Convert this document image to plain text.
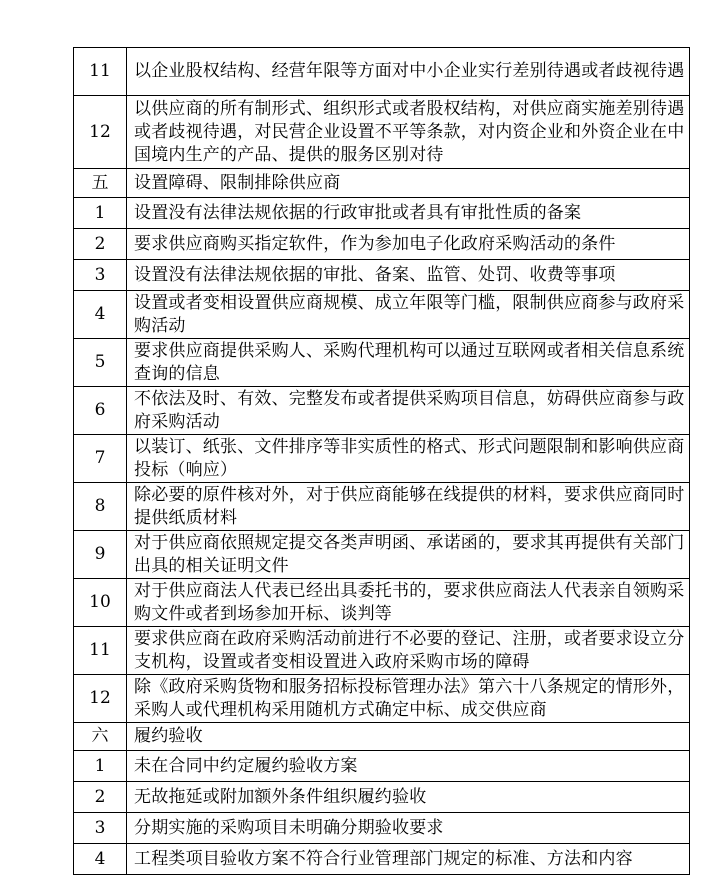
11	以企业股权结构、经营年限等方面对中小企业实行差别待遇或者歧视待遇
12	以供应商的所有制形式、组织形式或者股权结构，对供应商实施差别待遇或者歧视待遇，对民营企业设置不平等条款，对内资企业和外资企业在中国境内生产的产品、提供的服务区别对待
五	设置障碍、限制排除供应商
1	设置没有法律法规依据的行政审批或者具有审批性质的备案
2	要求供应商购买指定软件，作为参加电子化政府采购活动的条件
3	设置没有法律法规依据的审批、备案、监管、处罚、收费等事项
4	设置或者变相设置供应商规模、成立年限等门槛，限制供应商参与政府采购活动
5	要求供应商提供采购人、采购代理机构可以通过互联网或者相关信息系统查询的信息
6	不依法及时、有效、完整发布或者提供采购项目信息，妨碍供应商参与政府采购活动
7	以装订、纸张、文件排序等非实质性的格式、形式问题限制和影响供应商投标（响应）
8	除必要的原件核对外，对于供应商能够在线提供的材料，要求供应商同时提供纸质材料
9	对于供应商依照规定提交各类声明函、承诺函的，要求其再提供有关部门出具的相关证明文件
10	对于供应商法人代表已经出具委托书的，要求供应商法人代表亲自领购采购文件或者到场参加开标、谈判等
11	要求供应商在政府采购活动前进行不必要的登记、注册，或者要求设立分支机构，设置或者变相设置进入政府采购市场的障碍
12	除《政府采购货物和服务招标投标管理办法》第六十八条规定的情形外，采购人或代理机构采用随机方式确定中标、成交供应商
六	履约验收
1	未在合同中约定履约验收方案
2	无故拖延或附加额外条件组织履约验收
3	分期实施的采购项目未明确分期验收要求
4	工程类项目验收方案不符合行业管理部门规定的标准、方法和内容
